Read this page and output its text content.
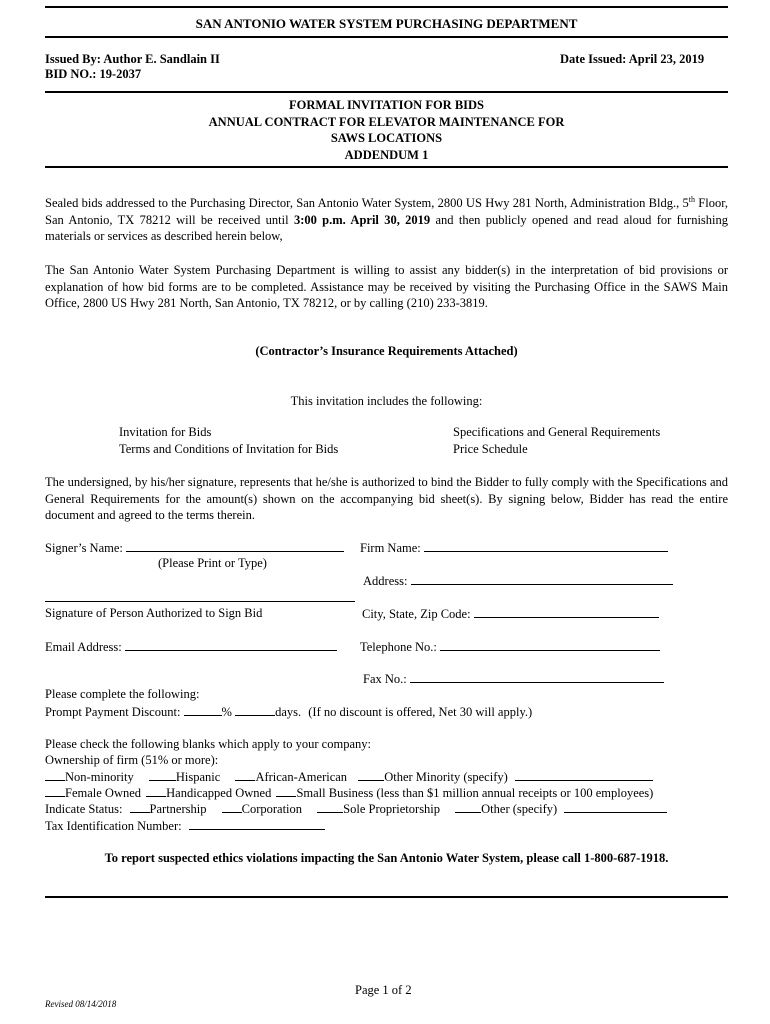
SAN ANTONIO WATER SYSTEM PURCHASING DEPARTMENT
Issued By: Author E. Sandlain II
BID NO.: 19-2037
Date Issued: April 23, 2019
FORMAL INVITATION FOR BIDS
ANNUAL CONTRACT FOR ELEVATOR MAINTENANCE FOR
SAWS LOCATIONS
ADDENDUM 1
Sealed bids addressed to the Purchasing Director, San Antonio Water System, 2800 US Hwy 281 North, Administration Bldg., 5th Floor, San Antonio, TX 78212 will be received until 3:00 p.m. April 30, 2019 and then publicly opened and read aloud for furnishing materials or services as described herein below,
The San Antonio Water System Purchasing Department is willing to assist any bidder(s) in the interpretation of bid provisions or explanation of how bid forms are to be completed. Assistance may be received by visiting the Purchasing Office in the SAWS Main Office, 2800 US Hwy 281 North, San Antonio, TX 78212, or by calling (210) 233-3819.
(Contractor’s Insurance Requirements Attached)
This invitation includes the following:
Invitation for Bids
Terms and Conditions of Invitation for Bids
Specifications and General Requirements
Price Schedule
The undersigned, by his/her signature, represents that he/she is authorized to bind the Bidder to fully comply with the Specifications and General Requirements for the amount(s) shown on the accompanying bid sheet(s). By signing below, Bidder has read the entire document and agreed to the terms therein.
Signer’s Name:
(Please Print or Type)
Firm Name:
Address:
Signature of Person Authorized to Sign Bid	City, State, Zip Code:
Email Address:	Telephone No.:
Fax No.:
Please complete the following:
Prompt Payment Discount:	%	days. (If no discount is offered, Net 30 will apply.)
Please check the following blanks which apply to your company:
Ownership of firm (51% or more):
Non-minority	Hispanic	African-American	Other Minority (specify)
Female Owned Handicapped Owned Small Business (less than $1 million annual receipts or 100 employees)
Indicate Status: Partnership	Corporation	Sole Proprietorship	Other (specify)
Tax Identification Number:
To report suspected ethics violations impacting the San Antonio Water System, please call 1-800-687-1918.
Page 1 of 2
Revised 08/14/2018
